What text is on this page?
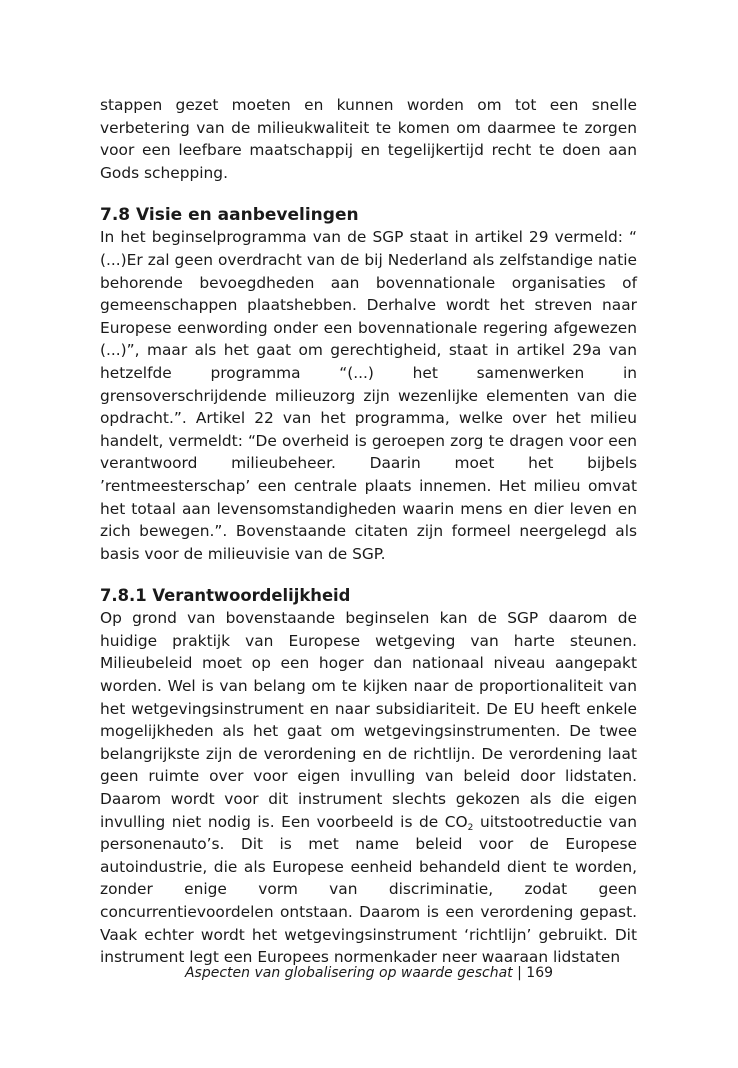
stappen gezet moeten en kunnen worden om tot een snelle verbetering van de milieukwaliteit te komen om daarmee te zorgen voor een leefbare maatschappij en tegelijkertijd recht te doen aan Gods schepping.

7.8 Visie en aanbevelingen

In het beginselprogramma van de SGP staat in artikel 29 vermeld: “ (...)Er zal geen overdracht van de bij Nederland als zelfstandige natie behorende bevoegdheden aan bovennationale organisaties of gemeenschappen plaatshebben. Derhalve wordt het streven naar Europese eenwording onder een bovennationale regering afgewezen (...)”, maar als het gaat om gerechtigheid, staat in artikel 29a van hetzelfde programma “(...) het samenwerken in grensoverschrijdende milieuzorg zijn wezenlijke elementen van die opdracht.”. Artikel 22 van het programma, welke over het milieu handelt, vermeldt: “De overheid is geroepen zorg te dragen voor een verantwoord milieubeheer. Daarin moet het bijbels ’rentmeesterschap’ een centrale plaats innemen. Het milieu omvat het totaal aan levensomstandigheden waarin mens en dier leven en zich bewegen.”. Bovenstaande citaten zijn formeel neergelegd als basis voor de milieuvisie van de SGP.

7.8.1 Verantwoordelijkheid

Op grond van bovenstaande beginselen kan de SGP daarom de huidige praktijk van Europese wetgeving van harte steunen. Milieubeleid moet op een hoger dan nationaal niveau aangepakt worden. Wel is van belang om te kijken naar de proportionaliteit van het wetgevingsinstrument en naar subsidiariteit. De EU heeft enkele mogelijkheden als het gaat om wetgevingsinstrumenten. De twee belangrijkste zijn de verordening en de richtlijn. De verordening laat geen ruimte over voor eigen invulling van beleid door lidstaten. Daarom wordt voor dit instrument slechts gekozen als die eigen invulling niet nodig is. Een voorbeeld is de $CO_2$ uitstootreductie van personenauto’s. Dit is met name beleid voor de Europese autoindustrie, die als Europese eenheid behandeld dient te worden, zonder enige vorm van discriminatie, zodat geen concurrentievoordelen ontstaan. Daarom is een verordening gepast. Vaak echter wordt het wetgevingsinstrument ‘richtlijn’ gebruikt. Dit instrument legt een Europees normenkader neer waaraan lidstaten

Aspecten van globalisering op waarde geschat | 169
